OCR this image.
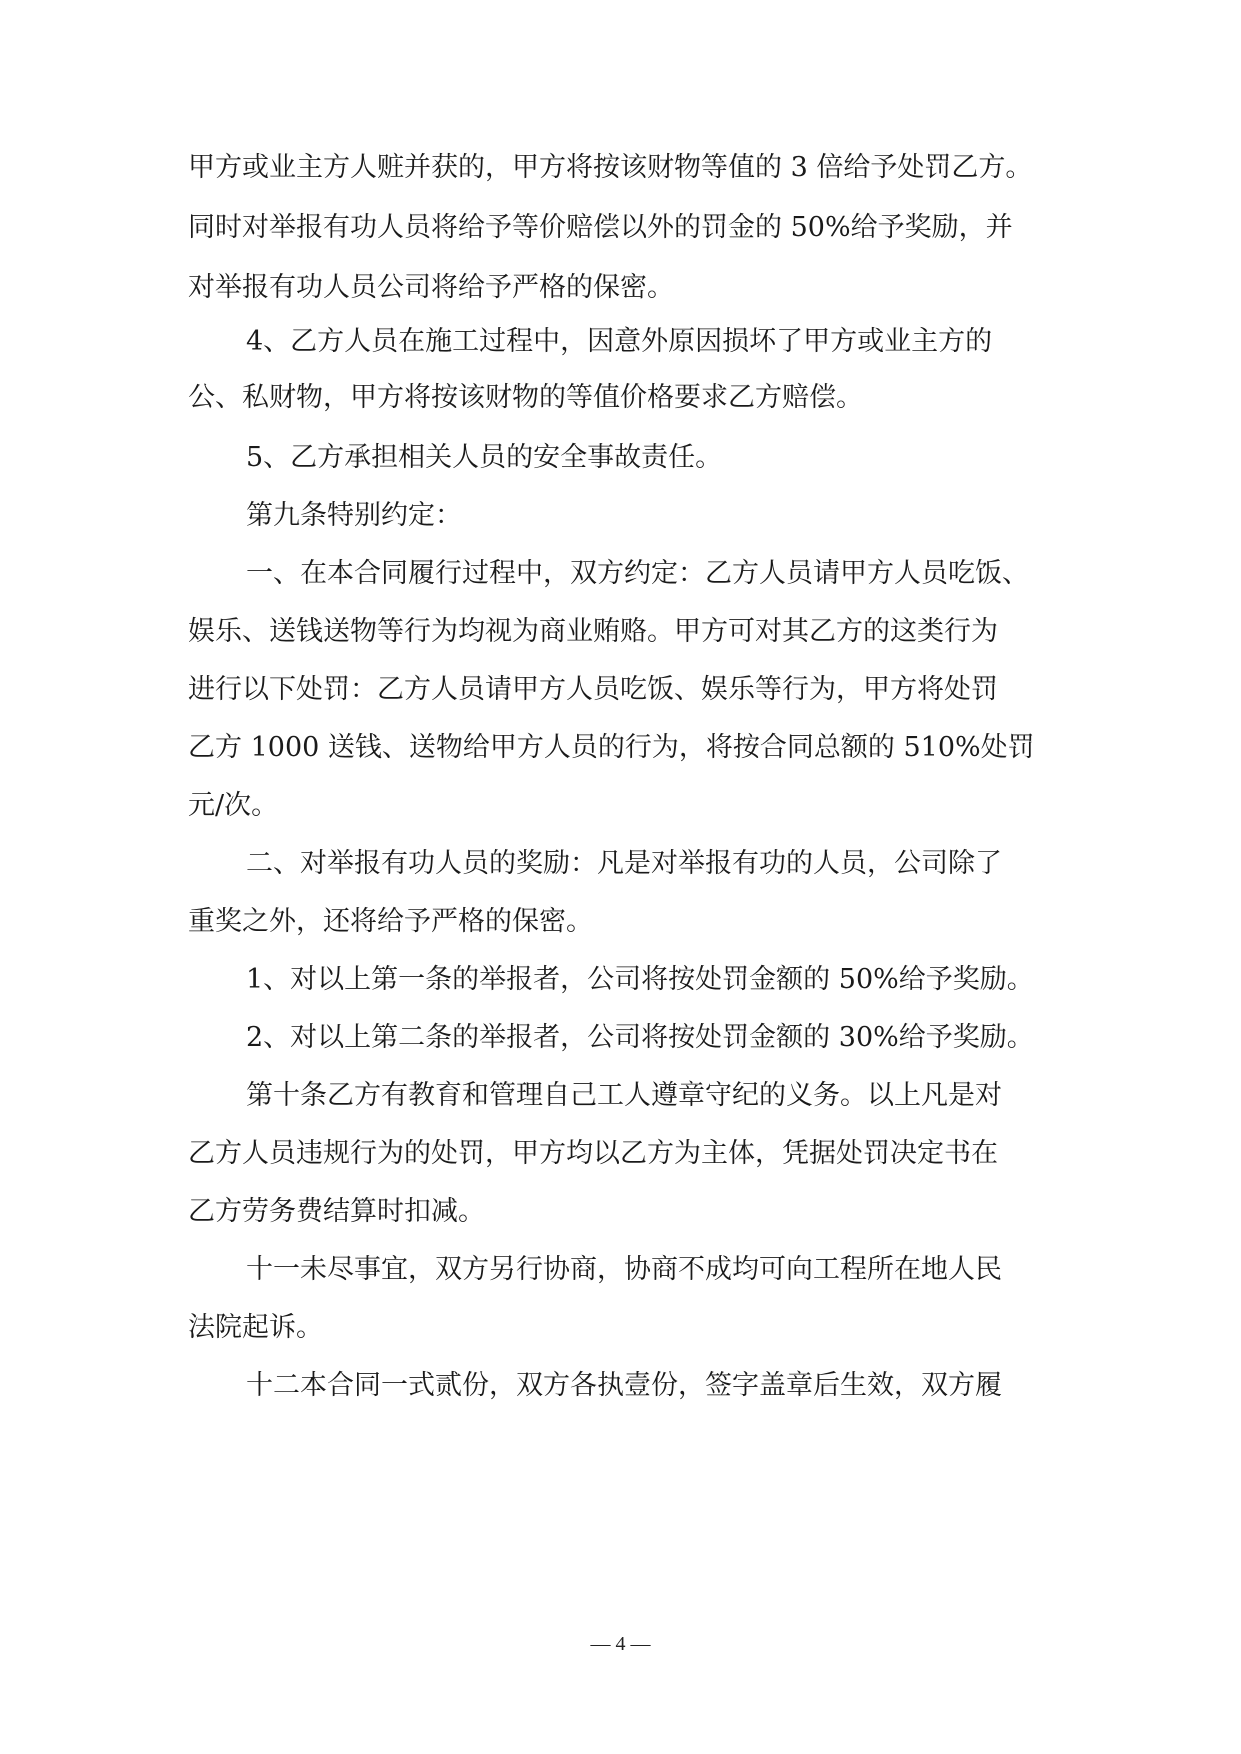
甲方或业主方人赃并获的，甲方将按该财物等值的 3 倍给予处罚乙方。
同时对举报有功人员将给予等价赔偿以外的罚金的 50%给予奖励，并
对举报有功人员公司将给予严格的保密。
4、乙方人员在施工过程中，因意外原因损坏了甲方或业主方的
公、私财物，甲方将按该财物的等值价格要求乙方赔偿。
5、乙方承担相关人员的安全事故责任。
第九条特别约定：
一、在本合同履行过程中，双方约定：乙方人员请甲方人员吃饭、
娱乐、送钱送物等行为均视为商业贿赂。甲方可对其乙方的这类行为
进行以下处罚：乙方人员请甲方人员吃饭、娱乐等行为，甲方将处罚
乙方 1000 送钱、送物给甲方人员的行为，将按合同总额的 510%处罚
元/次。
二、对举报有功人员的奖励：凡是对举报有功的人员，公司除了
重奖之外，还将给予严格的保密。
1、对以上第一条的举报者，公司将按处罚金额的 50%给予奖励。
2、对以上第二条的举报者，公司将按处罚金额的 30%给予奖励。
第十条乙方有教育和管理自己工人遵章守纪的义务。以上凡是对
乙方人员违规行为的处罚，甲方均以乙方为主体，凭据处罚决定书在
乙方劳务费结算时扣减。
十一未尽事宜，双方另行协商，协商不成均可向工程所在地人民
法院起诉。
十二本合同一式贰份，双方各执壹份，签字盖章后生效，双方履
— 4 —
